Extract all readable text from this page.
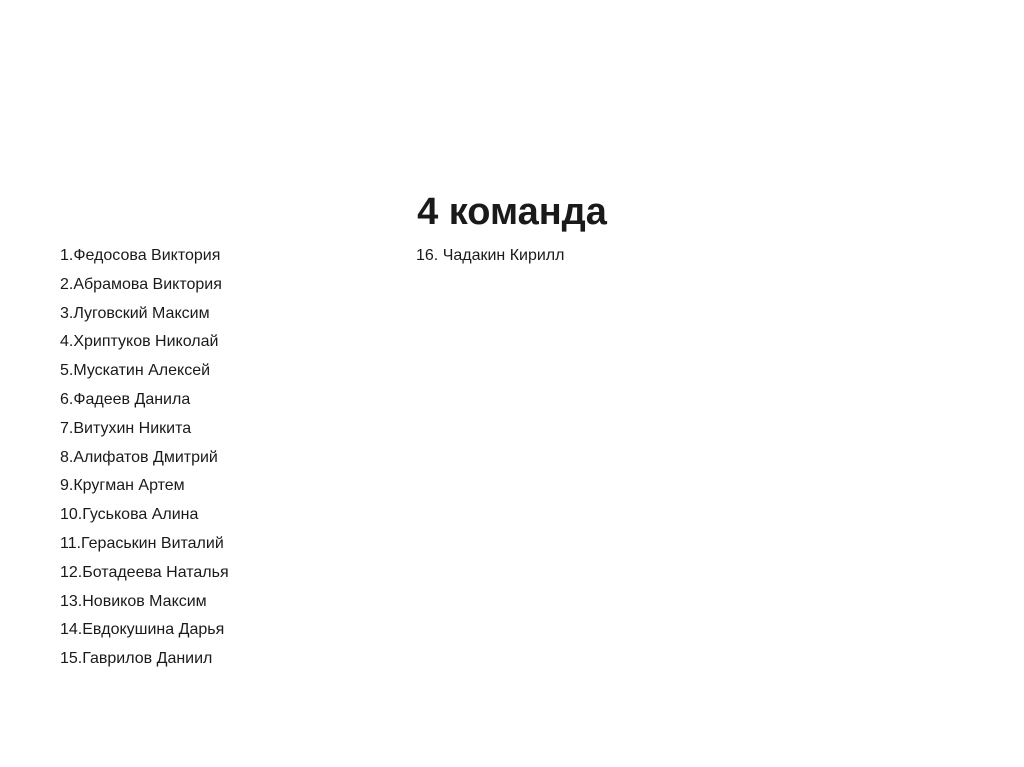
4 команда
1.Федосова Виктория
2.Абрамова Виктория
3.Луговский Максим
4.Хриптуков Николай
5.Мускатин Алексей
6.Фадеев Данила
7.Витухин Никита
8.Алифатов Дмитрий
9.Кругман Артем
10.Гуськова Алина
11.Гераськин Виталий
12.Ботадеева Наталья
13.Новиков Максим
14.Евдокушина Дарья
15.Гаврилов Даниил
16. Чадакин Кирилл
